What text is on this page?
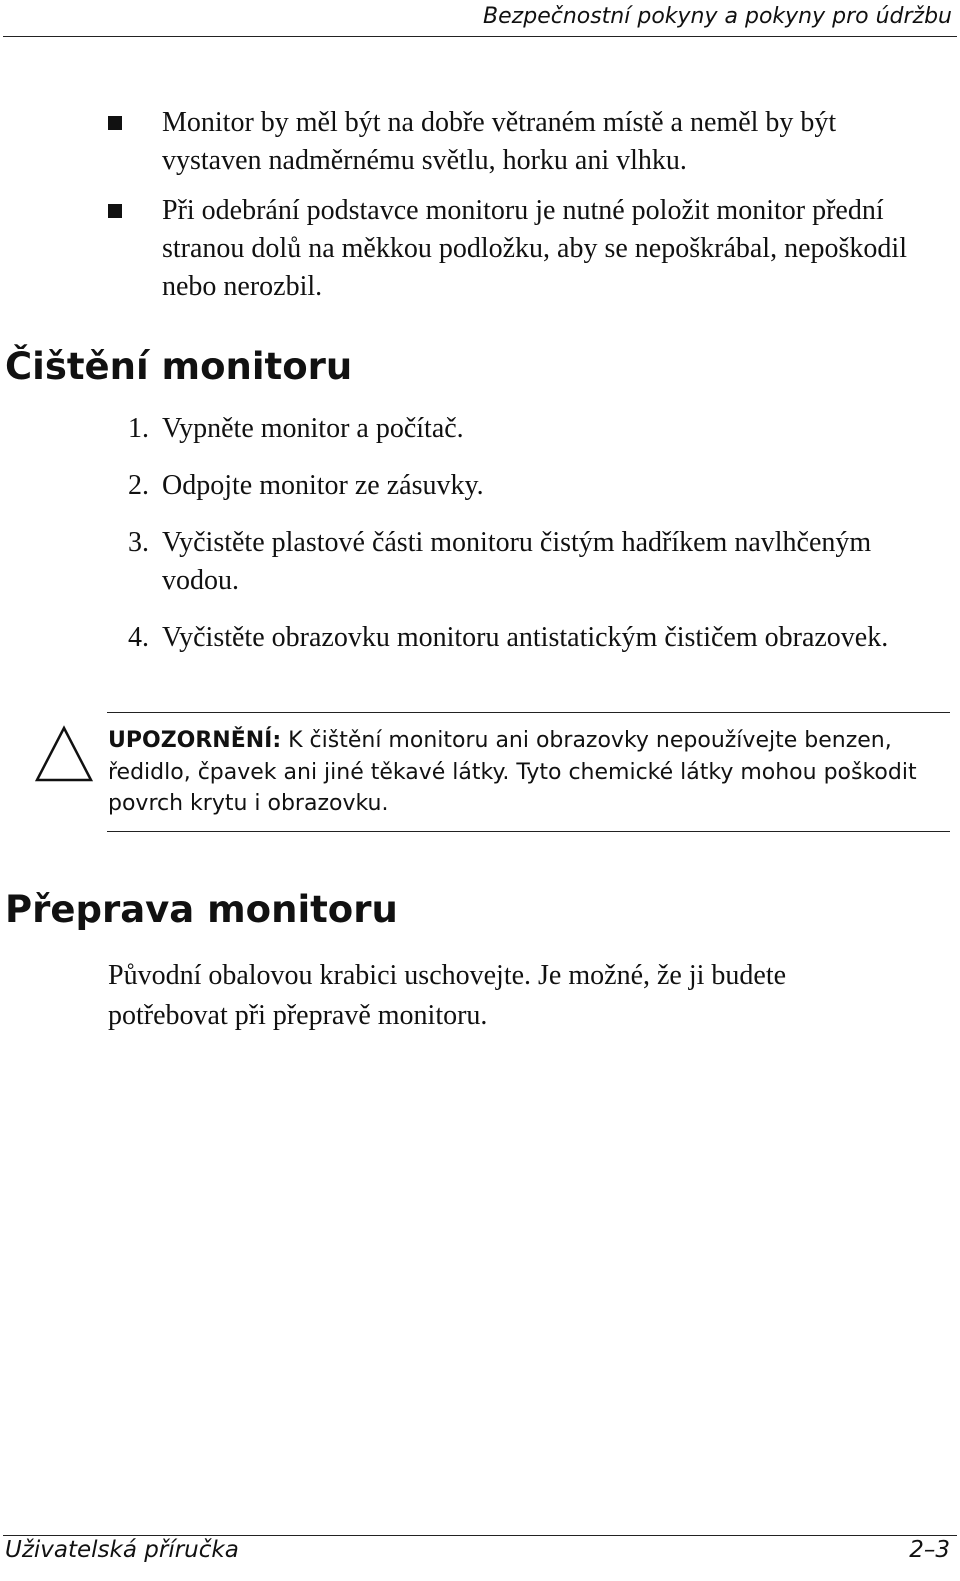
Bezpečnostní pokyny a pokyny pro údržbu
Monitor by měl být na dobře větraném místě a neměl by být vystaven nadměrnému světlu, horku ani vlhku.
Při odebrání podstavce monitoru je nutné položit monitor přední stranou dolů na měkkou podložku, aby se nepoškrábal, nepoškodil nebo nerozbil.
Čištění monitoru
1. Vypněte monitor a počítač.
2. Odpojte monitor ze zásuvky.
3. Vyčistěte plastové části monitoru čistým hadříkem navlhčeným vodou.
4. Vyčistěte obrazovku monitoru antistatickým čističem obrazovek.
UPOZORNĚNÍ: K čištění monitoru ani obrazovky nepoužívejte benzen, ředidlo, čpavek ani jiné těkavé látky. Tyto chemické látky mohou poškodit povrch krytu i obrazovku.
Přeprava monitoru
Původní obalovou krabici uschovejte. Je možné, že ji budete potřebovat při přepravě monitoru.
Uživatelská příručka	2–3
